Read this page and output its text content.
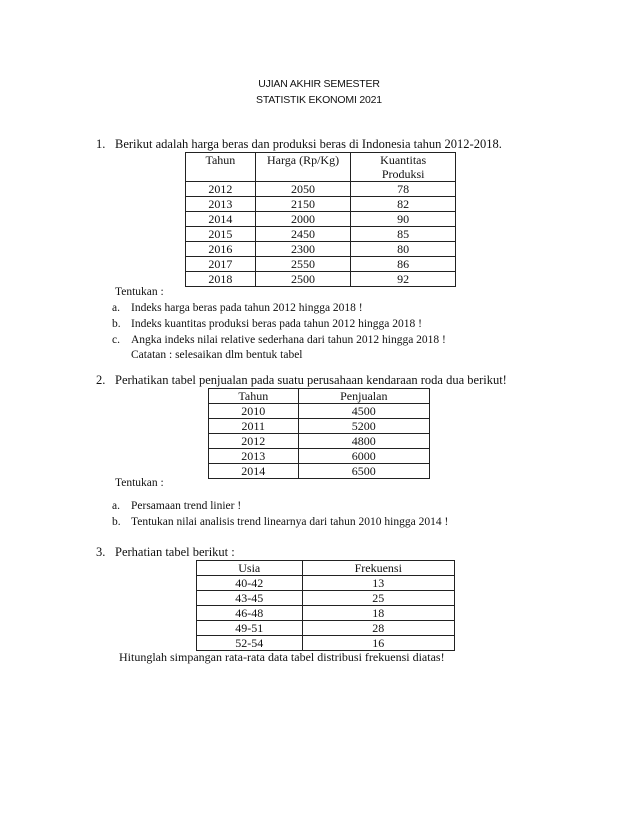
UJIAN AKHIR SEMESTER
STATISTIK EKONOMI 2021
1. Berikut adalah harga beras dan produksi beras di Indonesia tahun 2012-2018.
Tahun	Harga (Rp/Kg)	Kuantitas
		Produksi
2012	2050	78
2013	2150	82
2014	2000	90
2015	2450	85
2016	2300	80
2017	2550	86
2018	2500	92
Tentukan :
a. Indeks harga beras pada tahun 2012 hingga 2018 !
b. Indeks kuantitas produksi beras pada tahun 2012 hingga 2018 !
c. Angka indeks nilai relative sederhana dari tahun 2012 hingga 2018 !
Catatan : selesaikan dlm bentuk tabel
2. Perhatikan tabel penjualan pada suatu perusahaan kendaraan roda dua berikut!
Tahun	Penjualan
2010	4500
2011	5200
2012	4800
2013	6000
2014	6500
Tentukan :
a. Persamaan trend linier !
b. Tentukan nilai analisis trend linearnya dari tahun 2010 hingga 2014 !
3. Perhatian tabel berikut :
Usia	Frekuensi
40-42	13
43-45	25
46-48	18
49-51	28
52-54	16
Hitunglah simpangan rata-rata data tabel distribusi frekuensi diatas!
